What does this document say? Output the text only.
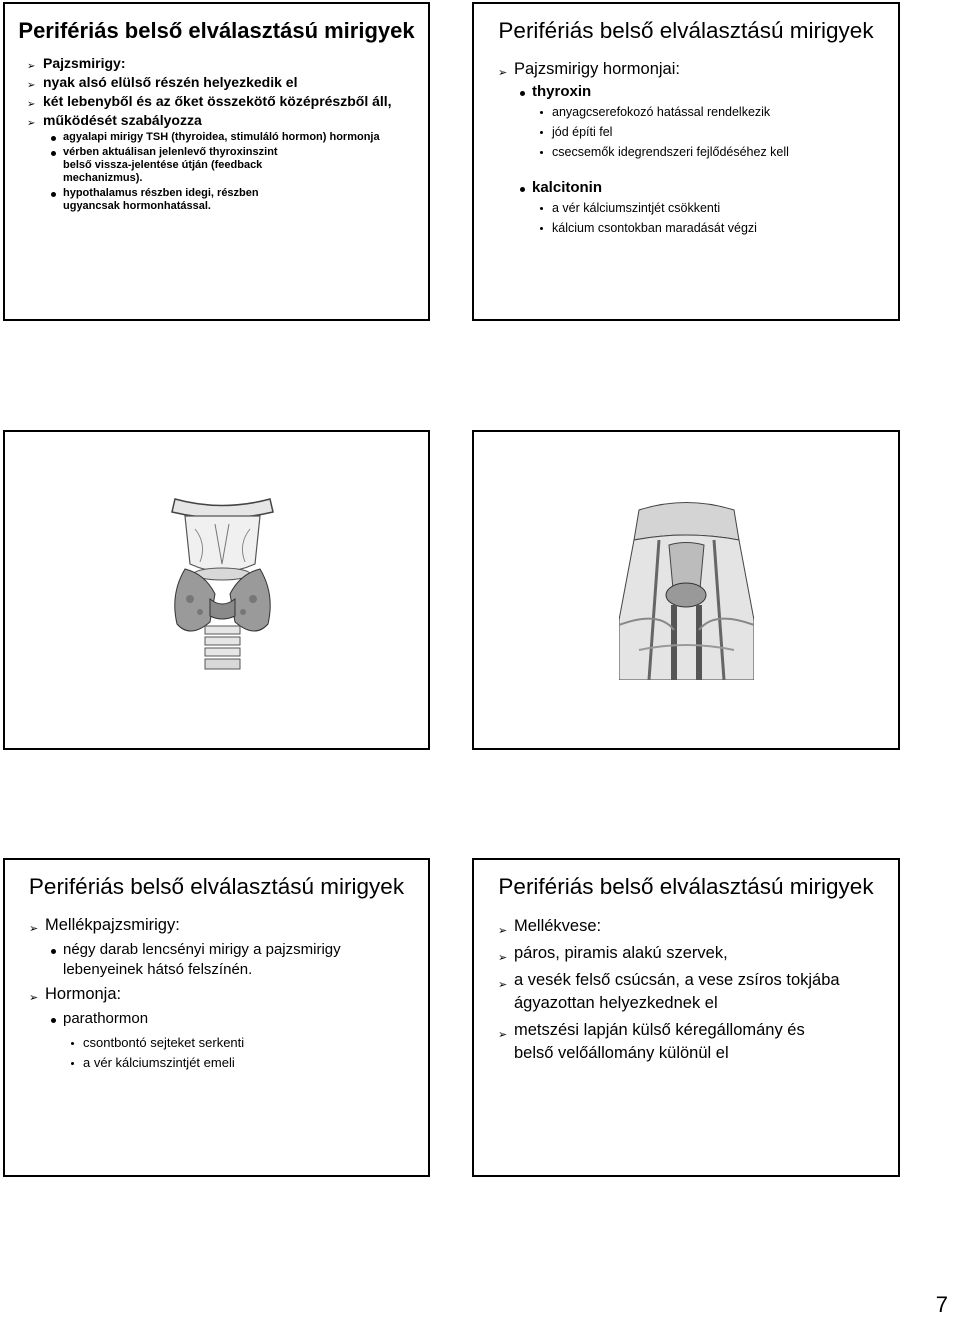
Perifériás belső elválasztású mirigyek
➢ Pajzsmirigy:
➢ nyak alsó elülső részén helyezkedik el
➢ két lebenyből és az őket összekötő középrészből áll,
➢ működését szabályozza
agyalapi mirigy TSH (thyroidea, stimuláló hormon) hormonja
vérben aktuálisan jelenlevő thyroxinszint belső vissza-jelentése útján (feedback mechanizmus).
hypothalamus részben idegi, részben ugyancsak hormonhatással.
Perifériás belső elválasztású mirigyek
➢ Pajzsmirigy hormonjai:
thyroxin
anyagcserefokozó hatással rendelkezik
jód építi fel
csecsemők idegrendszeri fejlődéséhez kell
kalcitonin
a vér kálciumszintjét csökkenti
kálcium csontokban maradását végzi
Perifériás belső elválasztású mirigyek
➢ Mellékpajzsmirigy:
négy darab lencsényi mirigy a pajzsmirigy lebenyeinek hátsó felszínén.
➢ Hormonja:
parathormon
csontbontó sejteket serkenti
a vér kálciumszintjét emeli
Perifériás belső elválasztású mirigyek
➢ Mellékvese:
➢ páros, piramis alakú szervek,
➢ a vesék felső csúcsán, a vese zsíros tokjába ágyazottan helyezkednek el
➢ metszési lapján külső kéregállomány és belső velőállomány különül el
7
